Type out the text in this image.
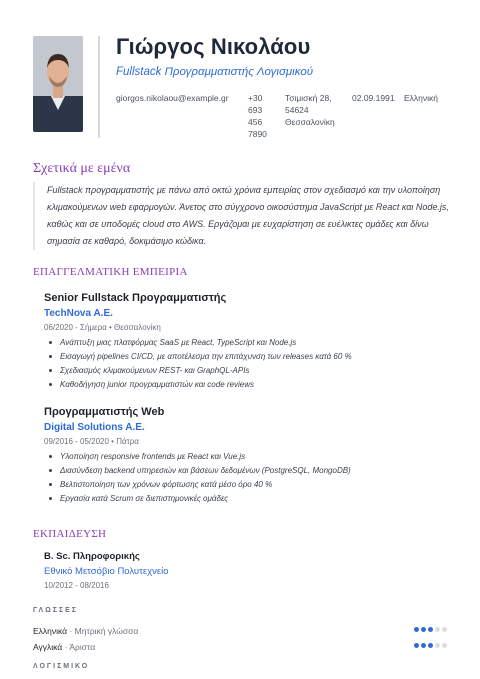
Γιώργος Νικολάου
Fullstack Προγραμματιστής Λογισμικού
giorgos.nikolaou@example.gr +30 693 456 7890
Τσιμισκή 28, 54624 Θεσσαλονίκη
02.09.1991 Ελληνική
Σχετικά με εμένα
Fullstack προγραμματιστής με πάνω από οκτώ χρόνια εμπειρίας στον σχεδιασμό και την υλοποίηση κλιμακούμενων web εφαρμογών. Άνετος στο σύγχρονο οικοσύστημα JavaScript με React και Node.js, καθώς και σε υποδομές cloud στο AWS. Εργάζομαι με ευχαρίστηση σε ευέλικτες ομάδες και δίνω σημασία σε καθαρό, δοκιμάσιμο κώδικα.
ΕΠΑΓΓΕΛΜΑΤΙΚΗ ΕΜΠΕΙΡΙΑ
Senior Fullstack Προγραμματιστής
TechNova A.E.
06/2020 - Σήμερα • Θεσσαλονίκη
Ανάπτυξη μιας πλατφόρμας SaaS με React, TypeScript και Node.js
Εισαγωγή pipelines CI/CD, με αποτέλεσμα την επιτάχυνση των releases κατά 60 %
Σχεδιασμός κλιμακούμενων REST- και GraphQL-APIs
Καθοδήγηση junior προγραμματιστών και code reviews
Προγραμματιστής Web
Digital Solutions A.E.
09/2016 - 05/2020 • Πάτρα
Υλοποίηση responsive frontends με React και Vue.js
Διασύνδεση backend υπηρεσιών και βάσεων δεδομένων (PostgreSQL, MongoDB)
Βελτιστοποίηση των χρόνων φόρτωσης κατά μέσο όρο 40 %
Εργασία κατά Scrum σε διεπιστημονικές ομάδες
ΕΚΠΑΙΔΕΥΣΗ
B. Sc. Πληροφορικής
Εθνικό Μετσόβιο Πολυτεχνείο
10/2012 - 08/2016
ΓΛΩΣΣΕΣ
Ελληνικά · Μητρική γλώσσα
Αγγλικά · Άριστα
ΛΟΓΙΣΜΙΚΟ
